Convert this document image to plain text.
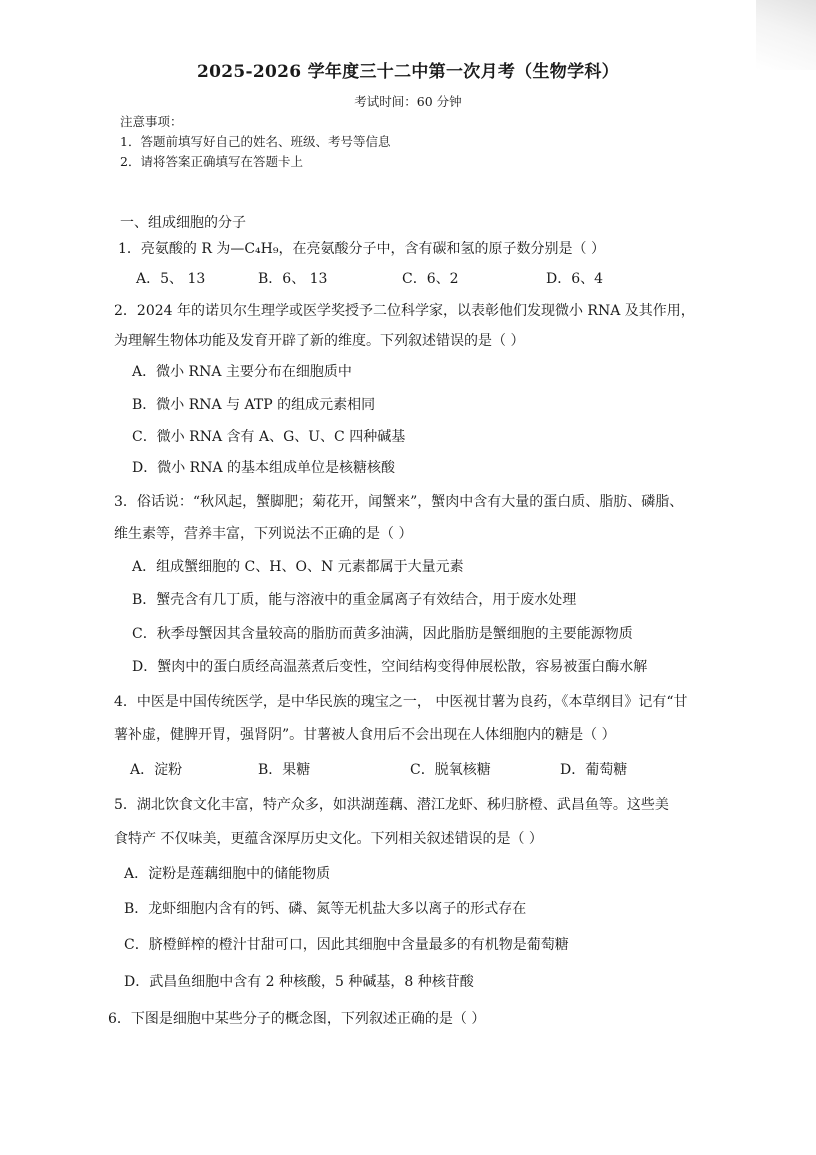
2025-2026 学年度三十二中第一次月考（生物学科）
考试时间：60 分钟
注意事项：
1．答题前填写好自己的姓名、班级、考号等信息
2．请将答案正确填写在答题卡上
一、组成细胞的分子
1．亮氨酸的 R 为—C₄H₉，在亮氨酸分子中，含有碳和氢的原子数分别是（ ）
A．5、 13	B．6、 13	C．6、2	D．6、4
2．2024 年的诺贝尔生理学或医学奖授予二位科学家，以表彰他们发现微小 RNA 及其作用，
为理解生物体功能及发育开辟了新的维度。下列叙述错误的是（ ）
A．微小 RNA 主要分布在细胞质中
B．微小 RNA 与 ATP 的组成元素相同
C．微小 RNA 含有 A、G、U、C 四种碱基
D．微小 RNA 的基本组成单位是核糖核酸
3．俗话说：“秋风起，蟹脚肥；菊花开，闻蟹来”，蟹肉中含有大量的蛋白质、脂肪、磷脂、
维生素等，营养丰富，下列说法不正确的是（ ）
A．组成蟹细胞的 C、H、O、N 元素都属于大量元素
B．蟹壳含有几丁质，能与溶液中的重金属离子有效结合，用于废水处理
C．秋季母蟹因其含量较高的脂肪而黄多油满，因此脂肪是蟹细胞的主要能源物质
D．蟹肉中的蛋白质经高温蒸煮后变性，空间结构变得伸展松散，容易被蛋白酶水解
4．中医是中国传统医学，是中华民族的瑰宝之一， 中医视甘薯为良药，《本草纲目》记有“甘
薯补虚，健脾开胃，强肾阴”。甘薯被人食用后不会出现在人体细胞内的糖是（ ）
A．淀粉	B．果糖	C．脱氧核糖	D．葡萄糖
5．湖北饮食文化丰富，特产众多，如洪湖莲藕、潜江龙虾、秭归脐橙、武昌鱼等。这些美
食特产 不仅味美，更蕴含深厚历史文化。下列相关叙述错误的是（ ）
A．淀粉是莲藕细胞中的储能物质
B．龙虾细胞内含有的钙、磷、氮等无机盐大多以离子的形式存在
C．脐橙鲜榨的橙汁甘甜可口，因此其细胞中含量最多的有机物是葡萄糖
D．武昌鱼细胞中含有 2 种核酸，5 种碱基，8 种核苷酸
6．下图是细胞中某些分子的概念图，下列叙述正确的是（ ）
